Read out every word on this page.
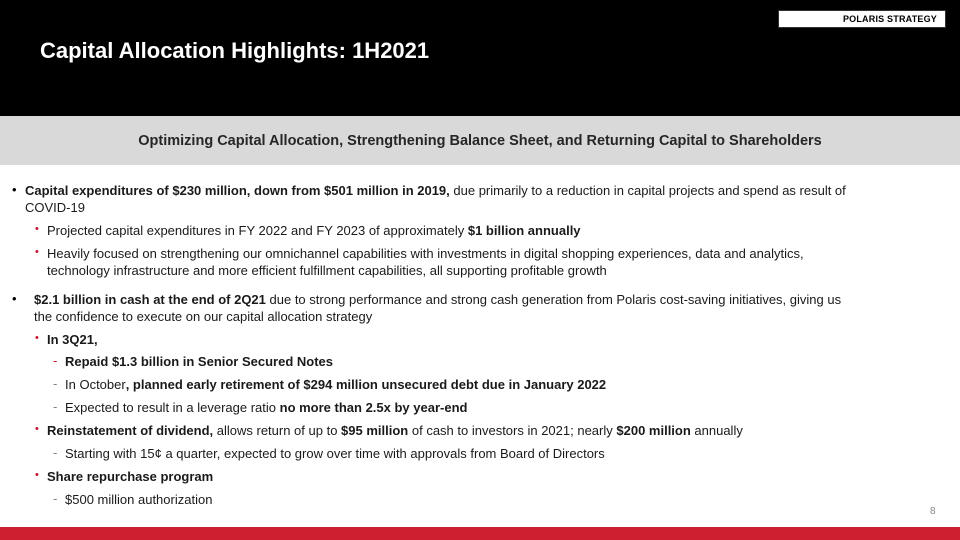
POLARIS STRATEGY
Capital Allocation Highlights: 1H2021
Optimizing Capital Allocation, Strengthening Balance Sheet, and Returning Capital to Shareholders
• Capital expenditures of $230 million, down from $501 million in 2019, due primarily to a reduction in capital projects and spend as result of
COVID-19
• Projected capital expenditures in FY 2022 and FY 2023 of approximately $1 billion annually
• Heavily focused on strengthening our omnichannel capabilities with investments in digital shopping experiences, data and analytics,
technology infrastructure and more efficient fulfillment capabilities, all supporting profitable growth
• $2.1 billion in cash at the end of 2Q21 due to strong performance and strong cash generation from Polaris cost-saving initiatives, giving us
the confidence to execute on our capital allocation strategy
• In 3Q21,
- Repaid $1.3 billion in Senior Secured Notes
- In October, planned early retirement of $294 million unsecured debt due in January 2022
- Expected to result in a leverage ratio no more than 2.5x by year-end
• Reinstatement of dividend, allows return of up to $95 million of cash to investors in 2021; nearly $200 million annually
- Starting with 15¢ a quarter, expected to grow over time with approvals from Board of Directors
• Share repurchase program
- $500 million authorization
8
